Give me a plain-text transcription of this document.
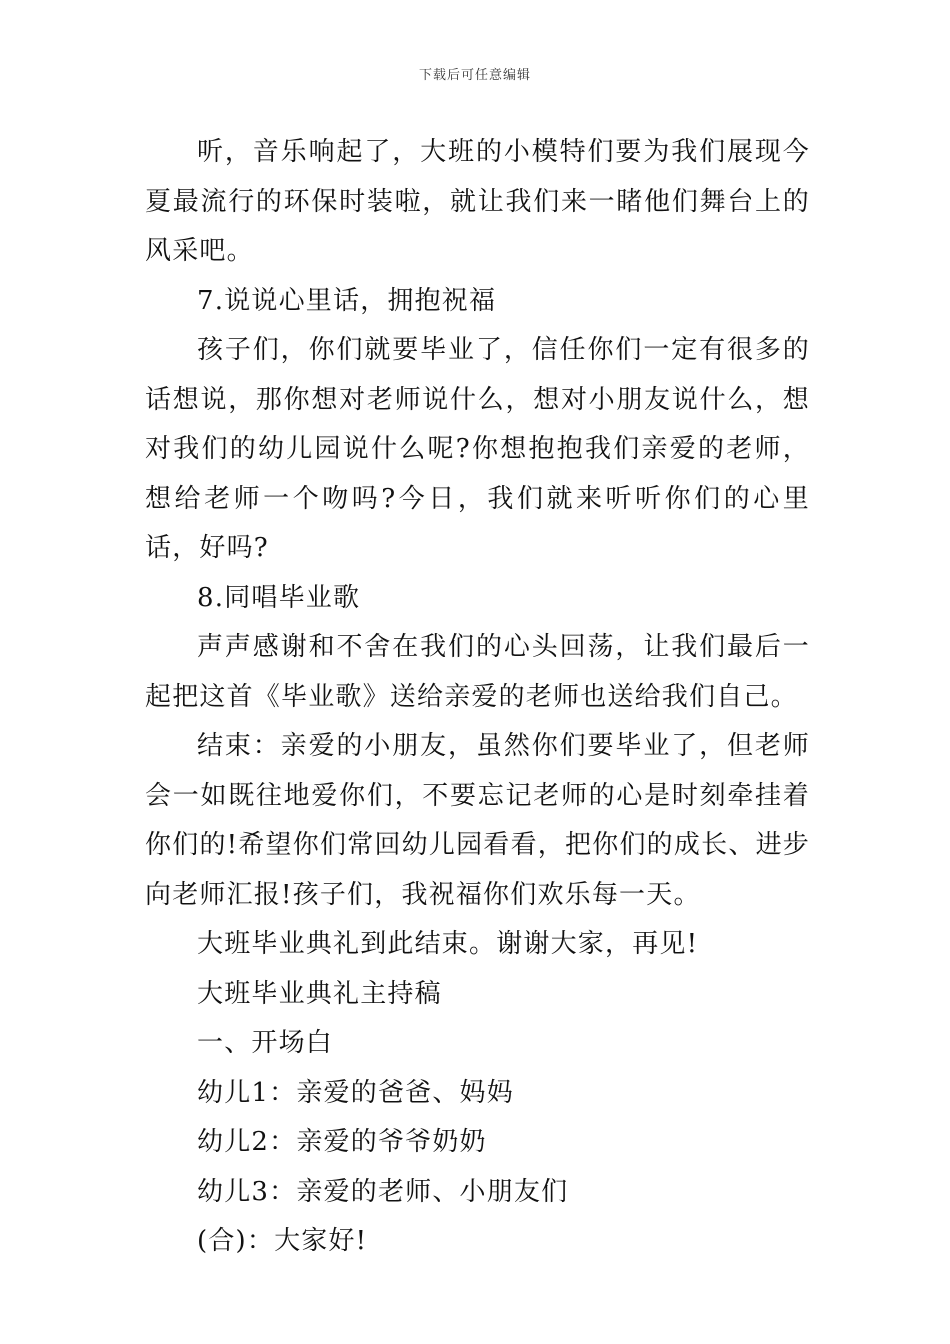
下载后可任意编辑

听，音乐响起了，大班的小模特们要为我们展现今夏最流行的环保时装啦，就让我们来一睹他们舞台上的风采吧。

7.说说心里话，拥抱祝福

孩子们，你们就要毕业了，信任你们一定有很多的话想说，那你想对老师说什么，想对小朋友说什么，想对我们的幼儿园说什么呢?你想抱抱我们亲爱的老师，想给老师一个吻吗?今日，我们就来听听你们的心里话，好吗?

8.同唱毕业歌

声声感谢和不舍在我们的心头回荡，让我们最后一起把这首《毕业歌》送给亲爱的老师也送给我们自己。

结束：亲爱的小朋友，虽然你们要毕业了，但老师会一如既往地爱你们，不要忘记老师的心是时刻牵挂着你们的!希望你们常回幼儿园看看，把你们的成长、进步向老师汇报!孩子们，我祝福你们欢乐每一天。

大班毕业典礼到此结束。谢谢大家，再见!

大班毕业典礼主持稿

一、开场白

幼儿1：亲爱的爸爸、妈妈

幼儿2：亲爱的爷爷奶奶

幼儿3：亲爱的老师、小朋友们

(合)：大家好!
